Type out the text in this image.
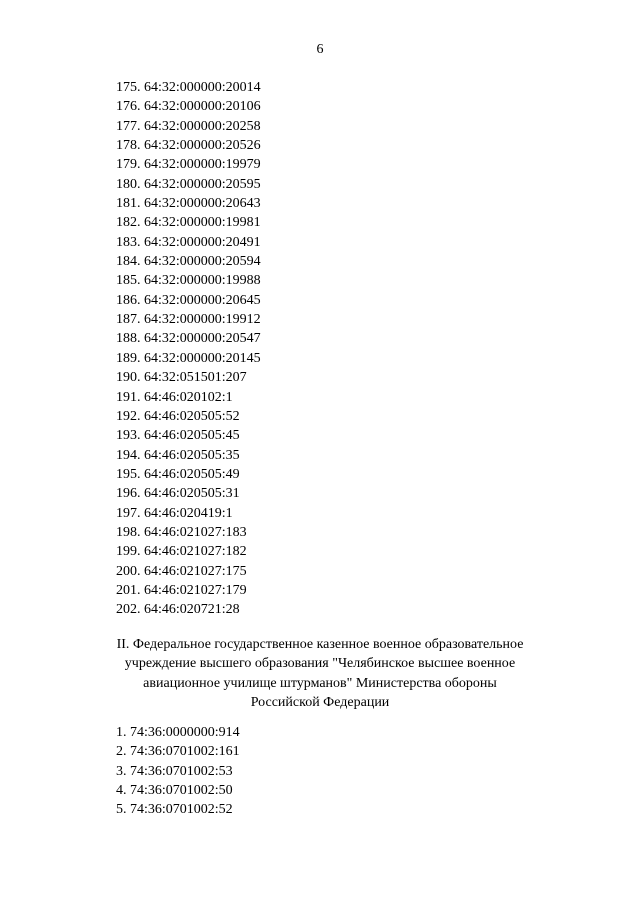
6
175. 64:32:000000:20014
176. 64:32:000000:20106
177. 64:32:000000:20258
178. 64:32:000000:20526
179. 64:32:000000:19979
180. 64:32:000000:20595
181. 64:32:000000:20643
182. 64:32:000000:19981
183. 64:32:000000:20491
184. 64:32:000000:20594
185. 64:32:000000:19988
186. 64:32:000000:20645
187. 64:32:000000:19912
188. 64:32:000000:20547
189. 64:32:000000:20145
190. 64:32:051501:207
191. 64:46:020102:1
192. 64:46:020505:52
193. 64:46:020505:45
194. 64:46:020505:35
195. 64:46:020505:49
196. 64:46:020505:31
197. 64:46:020419:1
198. 64:46:021027:183
199. 64:46:021027:182
200. 64:46:021027:175
201. 64:46:021027:179
202. 64:46:020721:28
II. Федеральное государственное казенное военное образовательное
учреждение высшего образования "Челябинское высшее военное
авиационное училище штурманов" Министерства обороны
Российской Федерации
1. 74:36:0000000:914
2. 74:36:0701002:161
3. 74:36:0701002:53
4. 74:36:0701002:50
5. 74:36:0701002:52
